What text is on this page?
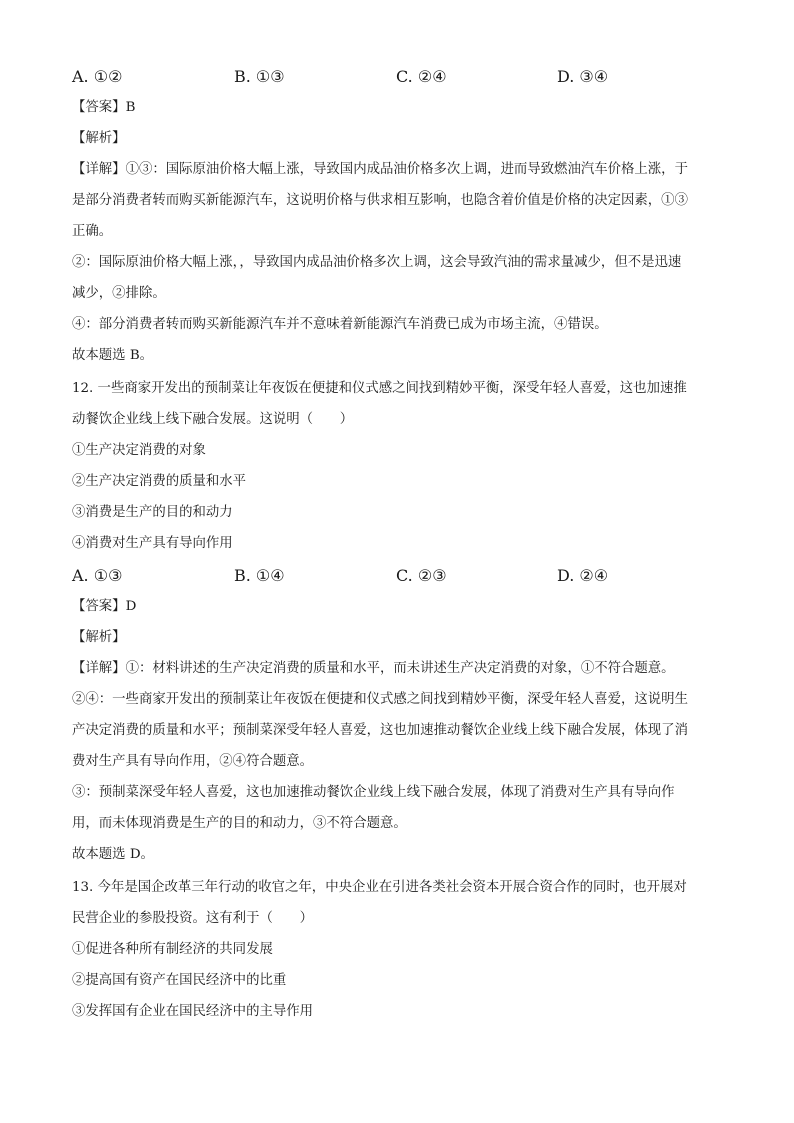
A. ①②	B. ①③	C. ②④	D. ③④
【答案】B
【解析】
【详解】①③：国际原油价格大幅上涨，导致国内成品油价格多次上调，进而导致燃油汽车价格上涨，于
是部分消费者转而购买新能源汽车，这说明价格与供求相互影响，也隐含着价值是价格的决定因素，①③
正确。
②：国际原油价格大幅上涨，，导致国内成品油价格多次上调，这会导致汽油的需求量减少，但不是迅速
减少，②排除。
④：部分消费者转而购买新能源汽车并不意味着新能源汽车消费已成为市场主流，④错误。
故本题选 B。
12. 一些商家开发出的预制菜让年夜饭在便捷和仪式感之间找到精妙平衡，深受年轻人喜爱，这也加速推
动餐饮企业线上线下融合发展。这说明（　　）
①生产决定消费的对象
②生产决定消费的质量和水平
③消费是生产的目的和动力
④消费对生产具有导向作用
A. ①③	B. ①④	C. ②③	D. ②④
【答案】D
【解析】
【详解】①：材料讲述的生产决定消费的质量和水平，而未讲述生产决定消费的对象，①不符合题意。
②④：一些商家开发出的预制菜让年夜饭在便捷和仪式感之间找到精妙平衡，深受年轻人喜爱，这说明生
产决定消费的质量和水平；预制菜深受年轻人喜爱，这也加速推动餐饮企业线上线下融合发展，体现了消
费对生产具有导向作用，②④符合题意。
③：预制菜深受年轻人喜爱，这也加速推动餐饮企业线上线下融合发展，体现了消费对生产具有导向作
用，而未体现消费是生产的目的和动力，③不符合题意。
故本题选 D。
13. 今年是国企改革三年行动的收官之年，中央企业在引进各类社会资本开展合资合作的同时，也开展对
民营企业的参股投资。这有利于（　　）
①促进各种所有制经济的共同发展
②提高国有资产在国民经济中的比重
③发挥国有企业在国民经济中的主导作用
